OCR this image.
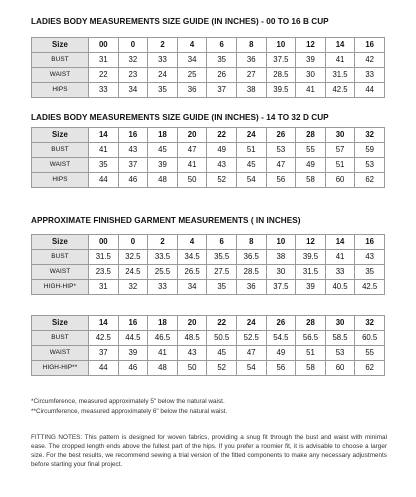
LADIES BODY MEASUREMENTS SIZE GUIDE (IN INCHES) - 00 TO 16 B CUP
Size	00	0	2	4	6	8	10	12	14	16
BUST	31	32	33	34	35	36	37.5	39	41	42
WAIST	22	23	24	25	26	27	28.5	30	31.5	33
HIPS	33	34	35	36	37	38	39.5	41	42.5	44
LADIES BODY MEASUREMENTS SIZE GUIDE (IN INCHES) - 14 TO 32 D CUP
Size	14	16	18	20	22	24	26	28	30	32
BUST	41	43	45	47	49	51	53	55	57	59
WAIST	35	37	39	41	43	45	47	49	51	53
HIPS	44	46	48	50	52	54	56	58	60	62
APPROXIMATE FINISHED GARMENT MEASUREMENTS ( IN INCHES)
Size	00	0	2	4	6	8	10	12	14	16
BUST	31.5	32.5	33.5	34.5	35.5	36.5	38	39.5	41	43
WAIST	23.5	24.5	25.5	26.5	27.5	28.5	30	31.5	33	35
HIGH-HIP*	31	32	33	34	35	36	37.5	39	40.5	42.5
Size	14	16	18	20	22	24	26	28	30	32
BUST	42.5	44.5	46.5	48.5	50.5	52.5	54.5	56.5	58.5	60.5
WAIST	37	39	41	43	45	47	49	51	53	55
HIGH-HIP**	44	46	48	50	52	54	56	58	60	62
*Circumference, measured approximately 5" below the natural waist.
**Circumference, measured approximately 6" below the natural waist.
FITTING NOTES: This pattern is designed for woven fabrics, providing a snug fit through the bust and waist with minimal ease. The cropped length ends above the fullest part of the hips. If you prefer a roomier fit, it is advisable to choose a larger size. For the best results, we recommend sewing a trial version of the fitted components to make any necessary adjustments before starting your final project.
